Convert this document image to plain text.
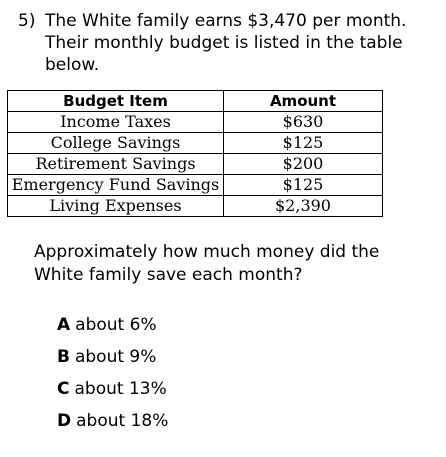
5) The White family earns $3,470 per month. Their monthly budget is listed in the table below.

Budget Item	Amount
Income Taxes	$630
College Savings	$125
Retirement Savings	$200
Emergency Fund Savings	$125
Living Expenses	$2,390

Approximately how much money did the White family save each month?

A about 6%
B about 9%
C about 13%
D about 18%
